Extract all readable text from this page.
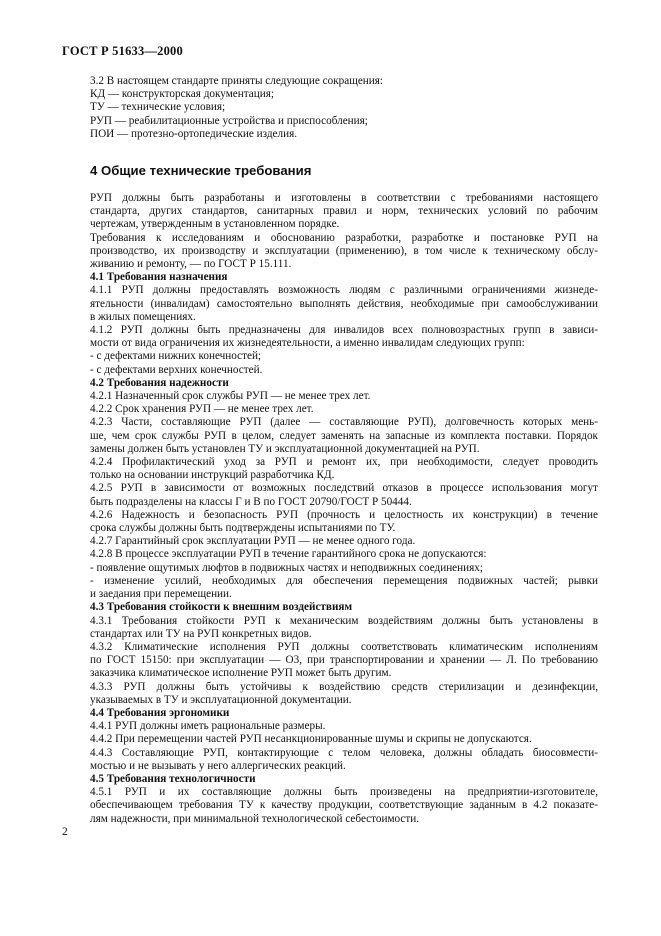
ГОСТ Р 51633—2000
3.2 В настоящем стандарте приняты следующие сокращения:
КД — конструкторская документация;
ТУ — технические условия;
РУП — реабилитационные устройства и приспособления;
ПОИ — протезно-ортопедические изделия.
4 Общие технические требования

РУП должны быть разработаны и изготовлены в соответствии с требованиями настоящего

стандарта, других стандартов, санитарных правил и норм, технических условий по рабочим

чертежам, утвержденным в установленном порядке.

Требования к исследованиям и обоснованию разработки, разработке и постановке РУП на

производство, их производству и эксплуатации (применению), в том числе к техническому обслу-

живанию и ремонту, — по ГОСТ Р 15.111.

4.1 Требования назначения

4.1.1 РУП должны предоставлять возможность людям с различными ограничениями жизнеде-

ятельности (инвалидам) самостоятельно выполнять действия, необходимые при самообслуживании

в жилых помещениях.

4.1.2 РУП должны быть предназначены для инвалидов всех полновозрастных групп в зависи-

мости от вида ограничения их жизнедеятельности, а именно инвалидам следующих групп:

- с дефектами нижних конечностей;

- с дефектами верхних конечностей.

4.2 Требования надежности

4.2.1 Назначенный срок службы РУП — не менее трех лет.

4.2.2 Срок хранения РУП — не менее трех лет.

4.2.3 Части, составляющие РУП (далее — составляющие РУП), долговечность которых мень-

ше, чем срок службы РУП в целом, следует заменять на запасные из комплекта поставки. Порядок

замены должен быть установлен ТУ и эксплуатационной документацией на РУП.

4.2.4 Профилактический уход за РУП и ремонт их, при необходимости, следует проводить

только на основании инструкций разработчика КД.

4.2.5 РУП в зависимости от возможных последствий отказов в процессе использования могут

быть подразделены на классы Г и В по ГОСТ 20790/ГОСТ Р 50444.

4.2.6 Надежность и безопасность РУП (прочность и целостность их конструкции) в течение

срока службы должны быть подтверждены испытаниями по ТУ.

4.2.7 Гарантийный срок эксплуатации РУП — не менее одного года.

4.2.8 В процессе эксплуатации РУП в течение гарантийного срока не допускаются:

- появление ощутимых люфтов в подвижных частях и неподвижных соединениях;

- изменение усилий, необходимых для обеспечения перемещения подвижных частей; рывки

и заедания при перемещении.

4.3 Требования стойкости к внешним воздействиям

4.3.1 Требования стойкости РУП к механическим воздействиям должны быть установлены в

стандартах или ТУ на РУП конкретных видов.

4.3.2 Климатические исполнения РУП должны соответствовать климатическим исполнениям

по ГОСТ 15150: при эксплуатации — О3, при транспортировании и хранении — Л. По требованию

заказчика климатическое исполнение РУП может быть другим.

4.3.3 РУП должны быть устойчивы к воздействию средств стерилизации и дезинфекции,

указываемых в ТУ и эксплуатационной документации.

4.4 Требования эргономики

4.4.1 РУП должны иметь рациональные размеры.

4.4.2 При перемещении частей РУП несанкционированные шумы и скрипы не допускаются.

4.4.3 Составляющие РУП, контактирующие с телом человека, должны обладать биосовмести-

мостью и не вызывать у него аллергических реакций.

4.5 Требования технологичности

4.5.1 РУП и их составляющие должны быть произведены на предприятии-изготовителе,

обеспечивающем требования ТУ к качеству продукции, соответствующие заданным в 4.2 показате-

лям надежности, при минимальной технологической себестоимости.

2
